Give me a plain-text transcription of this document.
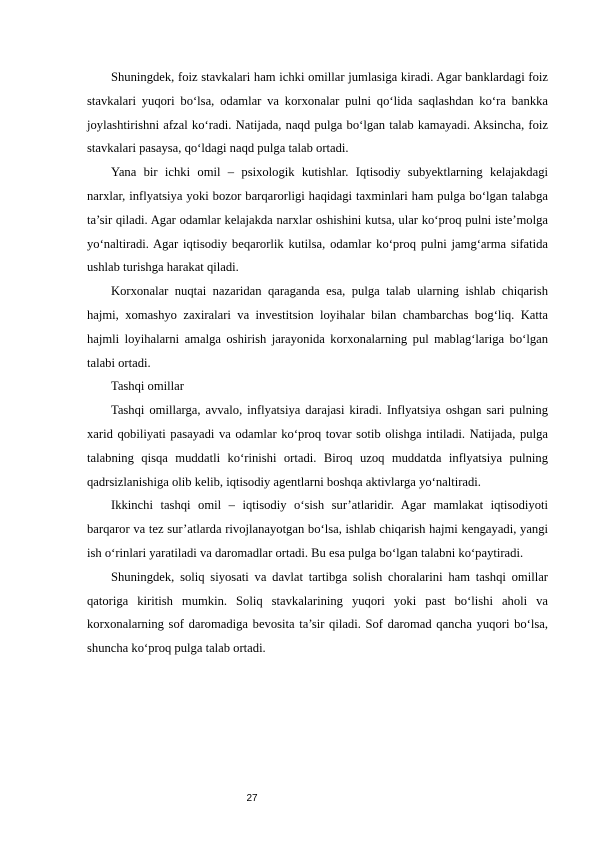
Shuningdek, foiz stavkalari ham ichki omillar jumlasiga kiradi. Agar banklardagi foiz stavkalari yuqori bo‘lsa, odamlar va korxonalar pulni qo‘lida saqlashdan ko‘ra bankka joylashtirishni afzal ko‘radi. Natijada, naqd pulga bo‘lgan talab kamayadi. Aksincha, foiz stavkalari pasaysa, qo‘ldagi naqd pulga talab ortadi.

Yana bir ichki omil – psixologik kutishlar. Iqtisodiy subyektlarning kelajakdagi narxlar, inflyatsiya yoki bozor barqarorligi haqidagi taxminlari ham pulga bo‘lgan talabga ta’sir qiladi. Agar odamlar kelajakda narxlar oshishini kutsa, ular ko‘proq pulni iste’molga yo‘naltiradi. Agar iqtisodiy beqarorlik kutilsa, odamlar ko‘proq pulni jamg‘arma sifatida ushlab turishga harakat qiladi.

Korxonalar nuqtai nazaridan qaraganda esa, pulga talab ularning ishlab chiqarish hajmi, xomashyo zaxiralari va investitsion loyihalar bilan chambarchas bog‘liq. Katta hajmli loyihalarni amalga oshirish jarayonida korxonalarning pul mablag‘lariga bo‘lgan talabi ortadi.

Tashqi omillar

Tashqi omillarga, avvalo, inflyatsiya darajasi kiradi. Inflyatsiya oshgan sari pulning xarid qobiliyati pasayadi va odamlar ko‘proq tovar sotib olishga intiladi. Natijada, pulga talabning qisqa muddatli ko‘rinishi ortadi. Biroq uzoq muddatda inflyatsiya pulning qadrsizlanishiga olib kelib, iqtisodiy agentlarni boshqa aktivlarga yo‘naltiradi.

Ikkinchi tashqi omil – iqtisodiy o‘sish sur’atlaridir. Agar mamlakat iqtisodiyoti barqaror va tez sur’atlarda rivojlanayotgan bo‘lsa, ishlab chiqarish hajmi kengayadi, yangi ish o‘rinlari yaratiladi va daromadlar ortadi. Bu esa pulga bo‘lgan talabni ko‘paytiradi.

Shuningdek, soliq siyosati va davlat tartibga solish choralarini ham tashqi omillar qatoriga kiritish mumkin. Soliq stavkalarining yuqori yoki past bo‘lishi aholi va korxonalarning sof daromadiga bevosita ta’sir qiladi. Sof daromad qancha yuqori bo‘lsa, shuncha ko‘proq pulga talab ortadi.

27
